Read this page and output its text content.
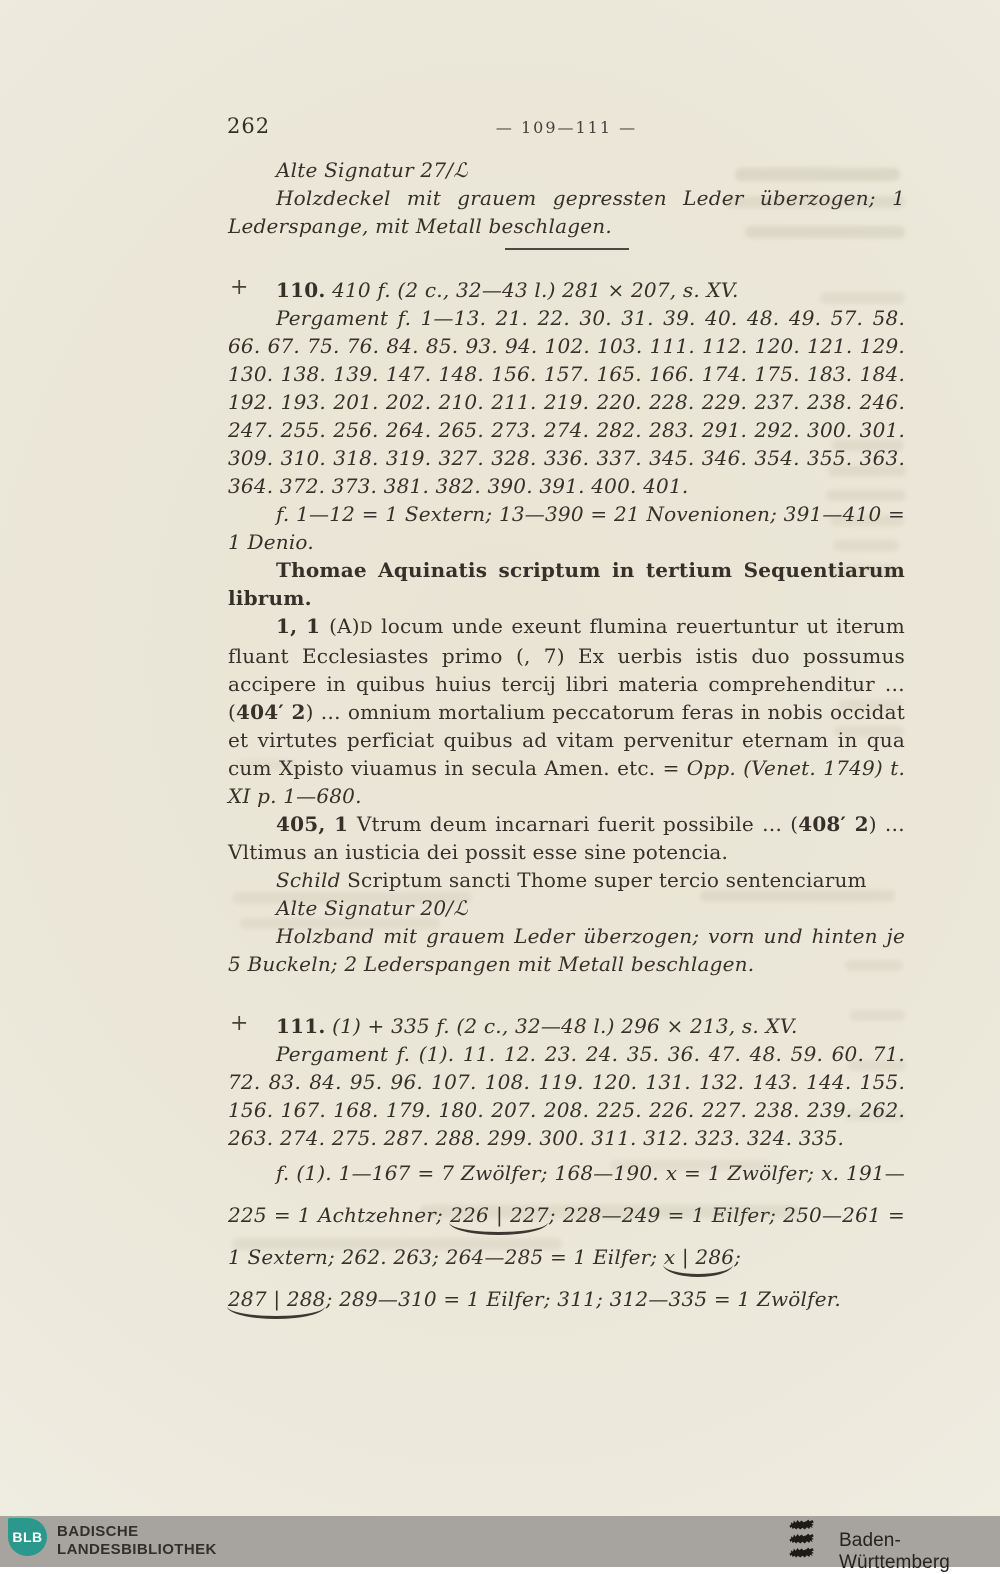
262	— 109—111 —
Alte Signatur 27/ℒ
Holzdeckel mit grauem gepressten Leder überzogen; 1 Lederspange, mit Metall beschlagen.
+ 110. 410 f. (2 c., 32—43 l.) 281 × 207, s. XV.
Pergament f. 1—13. 21. 22. 30. 31. 39. 40. 48. 49. 57. 58. 66. 67. 75. 76. 84. 85. 93. 94. 102. 103. 111. 112. 120. 121. 129. 130. 138. 139. 147. 148. 156. 157. 165. 166. 174. 175. 183. 184. 192. 193. 201. 202. 210. 211. 219. 220. 228. 229. 237. 238. 246. 247. 255. 256. 264. 265. 273. 274. 282. 283. 291. 292. 300. 301. 309. 310. 318. 319. 327. 328. 336. 337. 345. 346. 354. 355. 363. 364. 372. 373. 381. 382. 390. 391. 400. 401.
f. 1—12 = 1 Sextern; 13—390 = 21 Novenionen; 391—410 = 1 Denio.
Thomae Aquinatis scriptum in tertium Sequentiarum librum.
1, 1 (A)D locum unde exeunt flumina reuertuntur ut iterum fluant Ecclesiastes primo (, 7) Ex uerbis istis duo possumus accipere in quibus huius tercij libri materia comprehenditur … (404′ 2) … omnium mortalium peccatorum feras in nobis occidat et virtutes perficiat quibus ad vitam pervenitur eternam in qua cum Xpisto viuamus in secula Amen. etc. = Opp. (Venet. 1749) t. XI p. 1—680.
405, 1 Vtrum deum incarnari fuerit possibile … (408′ 2) … Vltimus an iusticia dei possit esse sine potencia.
Schild Scriptum sancti Thome super tercio sentenciarum
Alte Signatur 20/ℒ
Holzband mit grauem Leder überzogen; vorn und hinten je 5 Buckeln; 2 Lederspangen mit Metall beschlagen.
+ 111. (1) + 335 f. (2 c., 32—48 l.) 296 × 213, s. XV.
Pergament f. (1). 11. 12. 23. 24. 35. 36. 47. 48. 59. 60. 71. 72. 83. 84. 95. 96. 107. 108. 119. 120. 131. 132. 143. 144. 155. 156. 167. 168. 179. 180. 207. 208. 225. 226. 227. 238. 239. 262. 263. 274. 275. 287. 288. 299. 300. 311. 312. 323. 324. 335.
f. (1). 1—167 = 7 Zwölfer; 168—190. x = 1 Zwölfer; x. 191—
225 = 1 Achtzehner; 226 | 227; 228—249 = 1 Eilfer; 250—261 =
1 Sextern; 262. 263; 264—285 = 1 Eilfer; x | 286;
287 | 288; 289—310 = 1 Eilfer; 311; 312—335 = 1 Zwölfer.
BLB BADISCHE
LANDESBIBLIOTHEK	Baden-Württemberg
